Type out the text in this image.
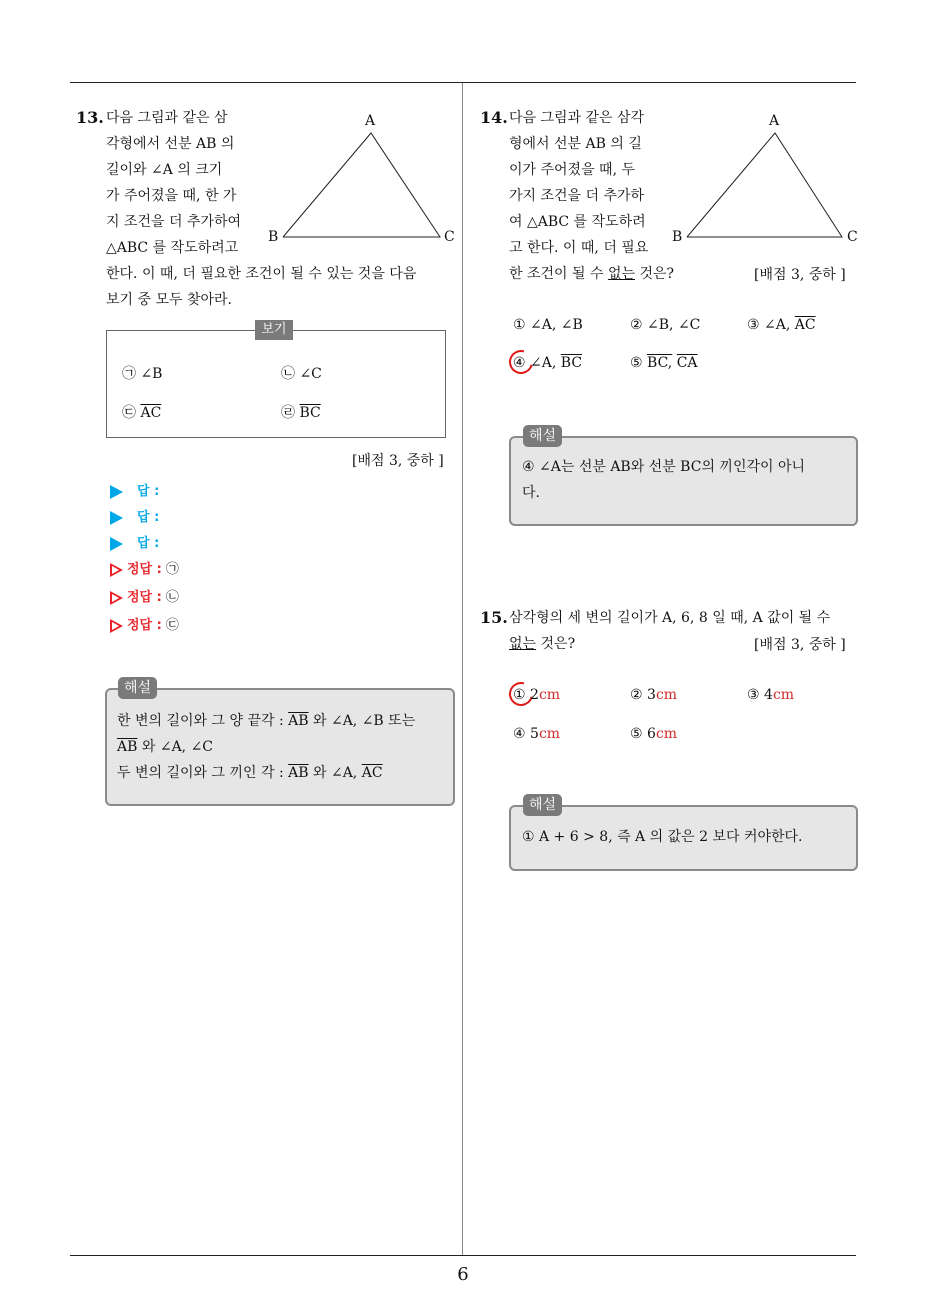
6
13. 다음 그림과 같은 삼
각형에서 선분 AB 의
길이와 ∠A 의 크기
가 주어졌을 때, 한 가
지 조건을 더 추가하여
△ABC 를 작도하려고
한다. 이 때, 더 필요한 조건이 될 수 있는 것을 다음
보기 중 모두 찾아라.
A
B	C
보기
㉠ ∠B	㉡ ∠C
㉢ $\overline{AC}$	㉣ $\overline{BC}$
[배점 3, 중하 ]
답 :
답 :
답 :
정답 : ㉠
정답 : ㉡
정답 : ㉢
해설
한 변의 길이와 그 양 끝각 : $\overline{AB}$ 와 ∠A, ∠B 또는
$\overline{AB}$ 와 ∠A, ∠C
두 변의 길이와 그 끼인 각 : $\overline{AB}$ 와 ∠A, $\overline{AC}$
14. 다음 그림과 같은 삼각
형에서 선분 AB 의 길
이가 주어졌을 때, 두
가지 조건을 더 추가하
여 △ABC 를 작도하려
고 한다. 이 때, 더 필요
한 조건이 될 수 없는 것은?	[배점 3, 중하 ]
A
B	C
① ∠A, ∠B	② ∠B, ∠C	③ ∠A, $\overline{AC}$
④ ∠A, $\overline{BC}$	⑤ BC, $\overline{CA}$
해설
④ ∠A는 선분 AB와 선분 BC의 끼인각이 아니
다.
15. 삼각형의 세 변의 길이가 A, 6, 8 일 때, A 값이 될 수
없는 것은?	[배점 3, 중하 ]
① 2cm	② 3cm	③ 4cm
④ 5cm	⑤ 6cm
해설
① A + 6 > 8, 즉 A 의 값은 2 보다 커야한다.
